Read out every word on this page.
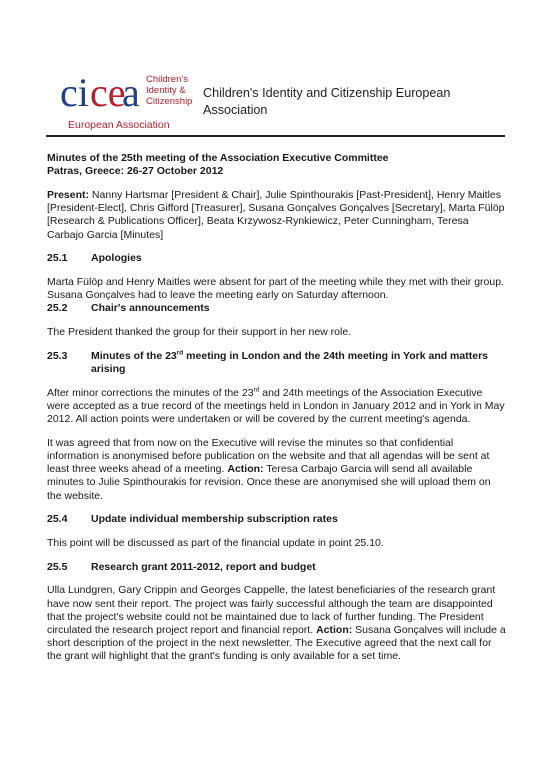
ci ce
a Children's
Identity &
Citizenship
European Association
Children's Identity and Citizenship European Association

Minutes of the 25th meeting of the Association Executive Committee

Patras, Greece: 26-27 October 2012

Present: Nanny Hartsmar [President & Chair], Julie Spinthourakis [Past-President], Henry Maitles [President-Elect], Chris Gifford [Treasurer], Susana Gonçalves Gonçalves [Secretary], Marta Fülöp [Research & Publications Officer], Beata Krzywosz-Rynkiewicz, Peter Cunningham, Teresa Carbajo Garcia [Minutes]

25.1	Apologies

Marta Fülöp and Henry Maitles were absent for part of the meeting while they met with their group. Susana Gonçalves had to leave the meeting early on Saturday afternoon.

25.2	Chair's announcements

The President thanked the group for their support in her new role.

25.3	Minutes of the 23rd meeting in London and the 24th meeting in York and matters arising

After minor corrections the minutes of the 23rd and 24th meetings of the Association Executive were accepted as a true record of the meetings held in London in January 2012 and in York in May 2012. All action points were undertaken or will be covered by the current meeting's agenda.

It was agreed that from now on the Executive will revise the minutes so that confidential information is anonymised before publication on the website and that all agendas will be sent at least three weeks ahead of a meeting. Action: Teresa Carbajo Garcia will send all available minutes to Julie Spinthourakis for revision. Once these are anonymised she will upload them on the website.

25.4	Update individual membership subscription rates

This point will be discussed as part of the financial update in point 25.10.

25.5	Research grant 2011-2012, report and budget

Ulla Lundgren, Gary Crippin and Georges Cappelle, the latest beneficiaries of the research grant have now sent their report. The project was fairly successful although the team are disappointed that the project's website could not be maintained due to lack of further funding. The President circulated the research project report and financial report. Action: Susana Gonçalves will include a short description of the project in the next newsletter. The Executive agreed that the next call for the grant will highlight that the grant's funding is only available for a set time.
